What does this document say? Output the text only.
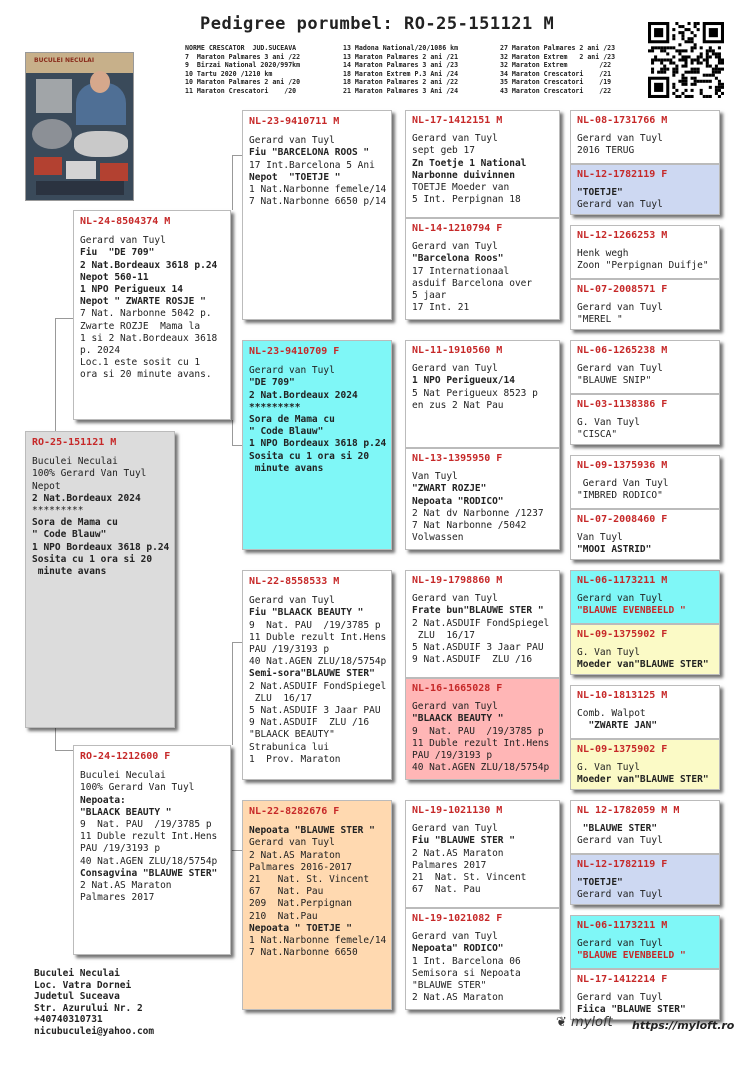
Pedigree porumbel: RO-25-151121 M
BUCULEI NECULAI
NORME CRESCATOR  JUD.SUCEAVA
7  Maraton Palmares 3 ani /22
9  Birzai National 2020/997km
10 Tartu 2020 /1210 km
10 Maraton Palmares 2 ani /20
11 Maraton Crescatori    /20
13 Madona National/20/1086 km
13 Maraton Palmares 2 ani /21
14 Maraton Palmares 3 ani /23
18 Maraton Extrem P.3 Ani /24
18 Maraton Palmares 2 ani /22
21 Maraton Palmares 3 Ani /24
27 Maraton Palmares 2 ani /23
32 Maraton Extrem   2 ani /23
32 Maraton Extrem        /22
34 Maraton Crescatori    /21
35 Maraton Crescatori    /19
43 Maraton Crescatori    /22
RO-25-151121 M
Buculei Neculai
100% Gerard Van Tuyl
Nepot
2 Nat.Bordeaux 2024
*********
Sora de Mama cu
" Code Blauw"
1 NPO Bordeaux 3618 p.24
Sosita cu 1 ora si 20
minute avans
NL-24-8504374 M
Gerard van Tuyl
Fiu  "DE 709"
2 Nat.Bordeaux 3618 p.24
Nepot 560-11
1 NPO Perigueux 14
Nepot " ZWARTE ROSJE "
7 Nat. Narbonne 5042 p.
Zwarte ROZJE  Mama la
1 si 2 Nat.Bordeaux 3618
p. 2024
Loc.1 este sosit cu 1
ora si 20 minute avans.
RO-24-1212600 F
Buculei Neculai
100% Gerard Van Tuyl
Nepoata:
"BLAACK BEAUTY "
9  Nat. PAU  /19/3785 p
11 Duble rezult Int.Hens
PAU /19/3193 p
40 Nat.AGEN ZLU/18/5754p
Consagvina "BLAUWE STER"
2 Nat.AS Maraton
Palmares 2017
NL-23-9410711 M
Gerard van Tuyl
Fiu "BARCELONA ROOS "
17 Int.Barcelona 5 Ani
Nepot  "TOETJE "
1 Nat.Narbonne femele/14
7 Nat.Narbonne 6650 p/14
NL-23-9410709 F
Gerard van Tuyl
"DE 709"
2 Nat.Bordeaux 2024
*********
Sora de Mama cu
" Code Blauw"
1 NPO Bordeaux 3618 p.24
Sosita cu 1 ora si 20
minute avans
NL-22-8558533 M
Gerard van Tuyl
Fiu "BLAACK BEAUTY "
9  Nat. PAU  /19/3785 p
11 Duble rezult Int.Hens
PAU /19/3193 p
40 Nat.AGEN ZLU/18/5754p
Semi-sora"BLAUWE STER"
2 Nat.ASDUIF FondSpiegel
ZLU  16/17
5 Nat.ASDUIF 3 Jaar PAU
9 Nat.ASDUIF  ZLU /16
"BLAACK BEAUTY"
Strabunica lui
1  Prov. Maraton
NL-22-8282676 F
Nepoata "BLAUWE STER "
Gerard van Tuyl
2 Nat.AS Maraton
Palmares 2016-2017
21   Nat. St. Vincent
67   Nat. Pau
209  Nat.Perpignan
210  Nat.Pau
Nepoata " TOETJE "
1 Nat.Narbonne femele/14
7 Nat.Narbonne 6650
NL-17-1412151 M
Gerard van Tuyl
sept geb 17
Zn Toetje 1 National
Narbonne duivinnen
TOETJE Moeder van
5 Int. Perpignan 18
NL-14-1210794 F
Gerard van Tuyl
"Barcelona Roos"
17 Internationaal
asduif Barcelona over
5 jaar
17 Int. 21
NL-11-1910560 M
Gerard van Tuyl
1 NPO Perigueux/14
5 Nat Perigueux 8523 p
en zus 2 Nat Pau
NL-13-1395950 F
Van Tuyl
"ZWART ROZJE"
Nepoata "RODICO"
2 Nat dv Narbonne /1237
7 Nat Narbonne /5042
Volwassen
NL-19-1798860 M
Gerard van Tuyl
Frate bun"BLAUWE STER "
2 Nat.ASDUIF FondSpiegel
ZLU  16/17
5 Nat.ASDUIF 3 Jaar PAU
9 Nat.ASDUIF  ZLU /16
NL-16-1665028 F
Gerard van Tuyl
"BLAACK BEAUTY "
9  Nat. PAU  /19/3785 p
11 Duble rezult Int.Hens
PAU /19/3193 p
40 Nat.AGEN ZLU/18/5754p
NL-19-1021130 M
Gerard van Tuyl
Fiu "BLAUWE STER "
2 Nat.AS Maraton
Palmares 2017
21  Nat. St. Vincent
67  Nat. Pau
NL-19-1021082 F
Gerard van Tuyl
Nepoata" RODICO"
1 Int. Barcelona 06
Semisora si Nepoata
"BLAUWE STER"
2 Nat.AS Maraton
NL-08-1731766 M
Gerard van Tuyl
2016 TERUG
NL-12-1782119 F
"TOETJE"
Gerard van Tuyl
NL-12-1266253 M
Henk wegh
Zoon "Perpignan Duifje"
NL-07-2008571 F
Gerard van Tuyl
"MEREL "
NL-06-1265238 M
Gerard van Tuyl
"BLAUWE SNIP"
NL-03-1138386 F
G. Van Tuyl
"CISCA"
NL-09-1375936 M
Gerard Van Tuyl
"IMBRED RODICO"
NL-07-2008460 F
Van Tuyl
"MOOI ASTRID"
NL-06-1173211 M
Gerard van Tuyl
"BLAUWE EVENBEELD "
NL-09-1375902 F
G. Van Tuyl
Moeder van"BLAUWE STER"
NL-10-1813125 M
Comb. Walpot
"ZWARTE JAN"
NL-09-1375902 F
G. Van Tuyl
Moeder van"BLAUWE STER"
NL 12-1782059 M M
"BLAUWE STER"
Gerard van Tuyl
NL-12-1782119 F
"TOETJE"
Gerard van Tuyl
NL-06-1173211 M
Gerard van Tuyl
"BLAUWE EVENBEELD "
NL-17-1412214 F
Gerard van Tuyl
Fiica "BLAUWE STER"
Buculei Neculai
Loc. Vatra Dornei
Judetul Suceava
Str. Azurului Nr. 2
+40740310731
nicubuculei@yahoo.com
❦ myloft https://myloft.ro
